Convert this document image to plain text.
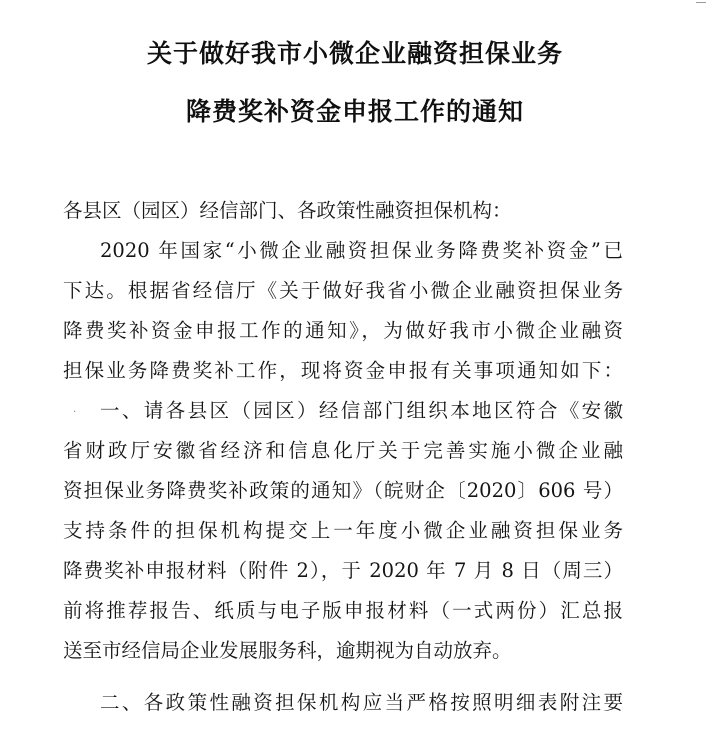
关于做好我市小微企业融资担保业务
降费奖补资金申报工作的通知

各县区（园区）经信部门、各政策性融资担保机构：

2020 年国家“小微企业融资担保业务降费奖补资金”已

下达。根据省经信厅《关于做好我省小微企业融资担保业务

降费奖补资金申报工作的通知》，为做好我市小微企业融资

担保业务降费奖补工作，现将资金申报有关事项通知如下：

· 一、请各县区（园区）经信部门组织本地区符合《安徽

省财政厅安徽省经济和信息化厅关于完善实施小微企业融

资担保业务降费奖补政策的通知》（皖财企〔2020〕606 号）

支持条件的担保机构提交上一年度小微企业融资担保业务

降费奖补申报材料（附件 2），于 2020 年 7 月 8 日（周三）

前将推荐报告、纸质与电子版申报材料（一式两份）汇总报

送至市经信局企业发展服务科，逾期视为自动放弃。

二、各政策性融资担保机构应当严格按照明细表附注要
